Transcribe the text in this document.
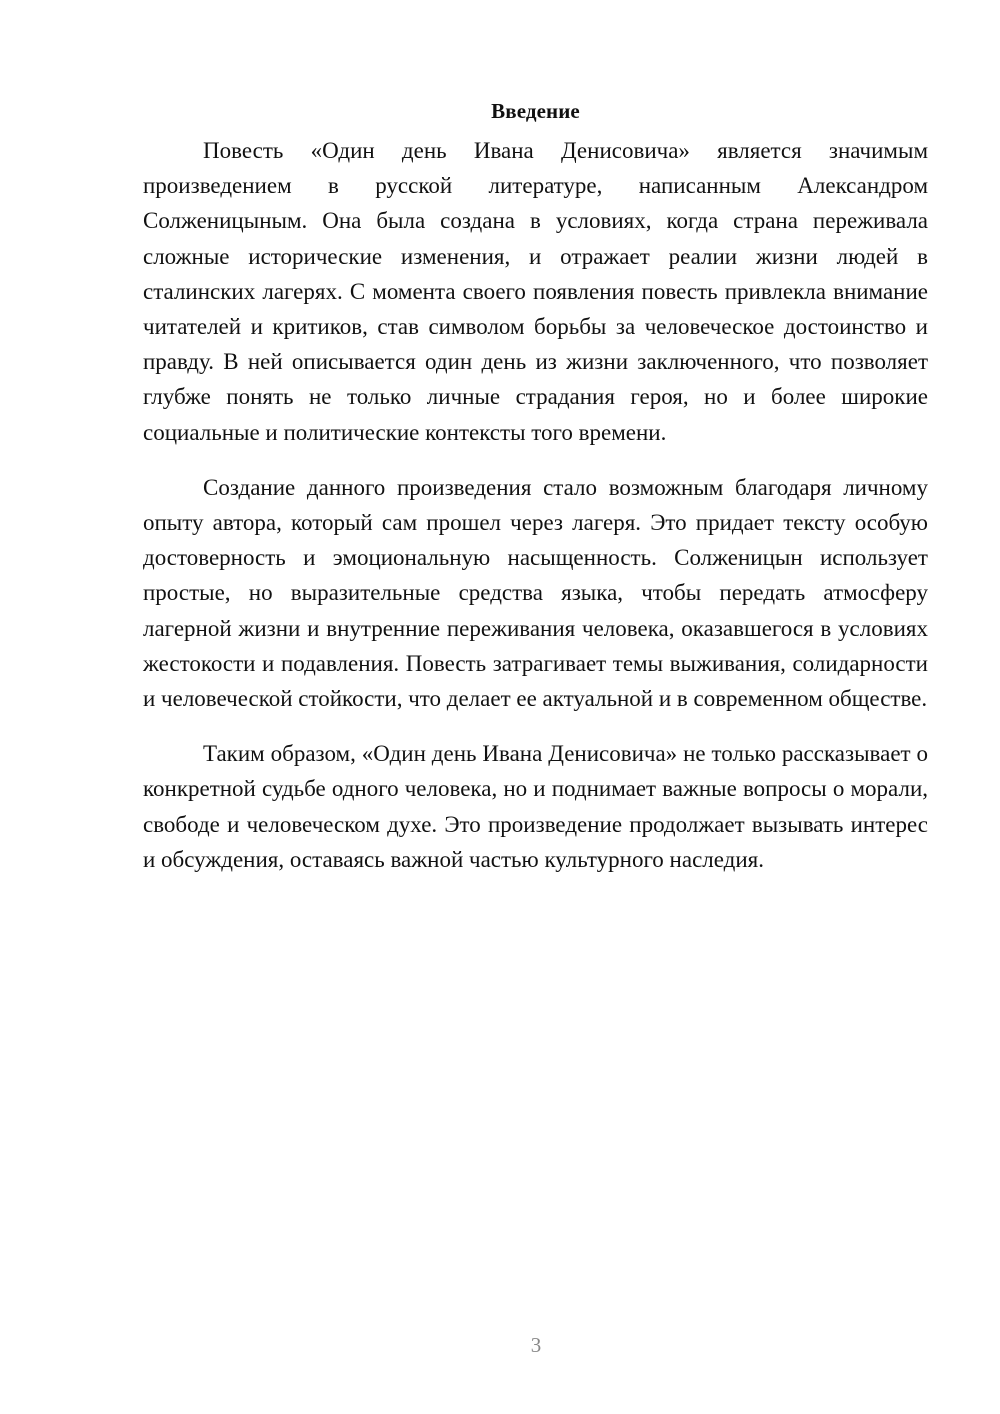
Введение

Повесть «Один день Ивана Денисовича» является значимым произведением в русской литературе, написанным Александром Солженицыным. Она была создана в условиях, когда страна переживала сложные исторические изменения, и отражает реалии жизни людей в сталинских лагерях. С момента своего появления повесть привлекла внимание читателей и критиков, став символом борьбы за человеческое достоинство и правду. В ней описывается один день из жизни заключенного, что позволяет глубже понять не только личные страдания героя, но и более широкие социальные и политические контексты того времени.

Создание данного произведения стало возможным благодаря личному опыту автора, который сам прошел через лагеря. Это придает тексту особую достоверность и эмоциональную насыщенность. Солженицын использует простые, но выразительные средства языка, чтобы передать атмосферу лагерной жизни и внутренние переживания человека, оказавшегося в условиях жестокости и подавления. Повесть затрагивает темы выживания, солидарности и человеческой стойкости, что делает ее актуальной и в современном обществе.

Таким образом, «Один день Ивана Денисовича» не только рассказывает о конкретной судьбе одного человека, но и поднимает важные вопросы о морали, свободе и человеческом духе. Это произведение продолжает вызывать интерес и обсуждения, оставаясь важной частью культурного наследия.

3
